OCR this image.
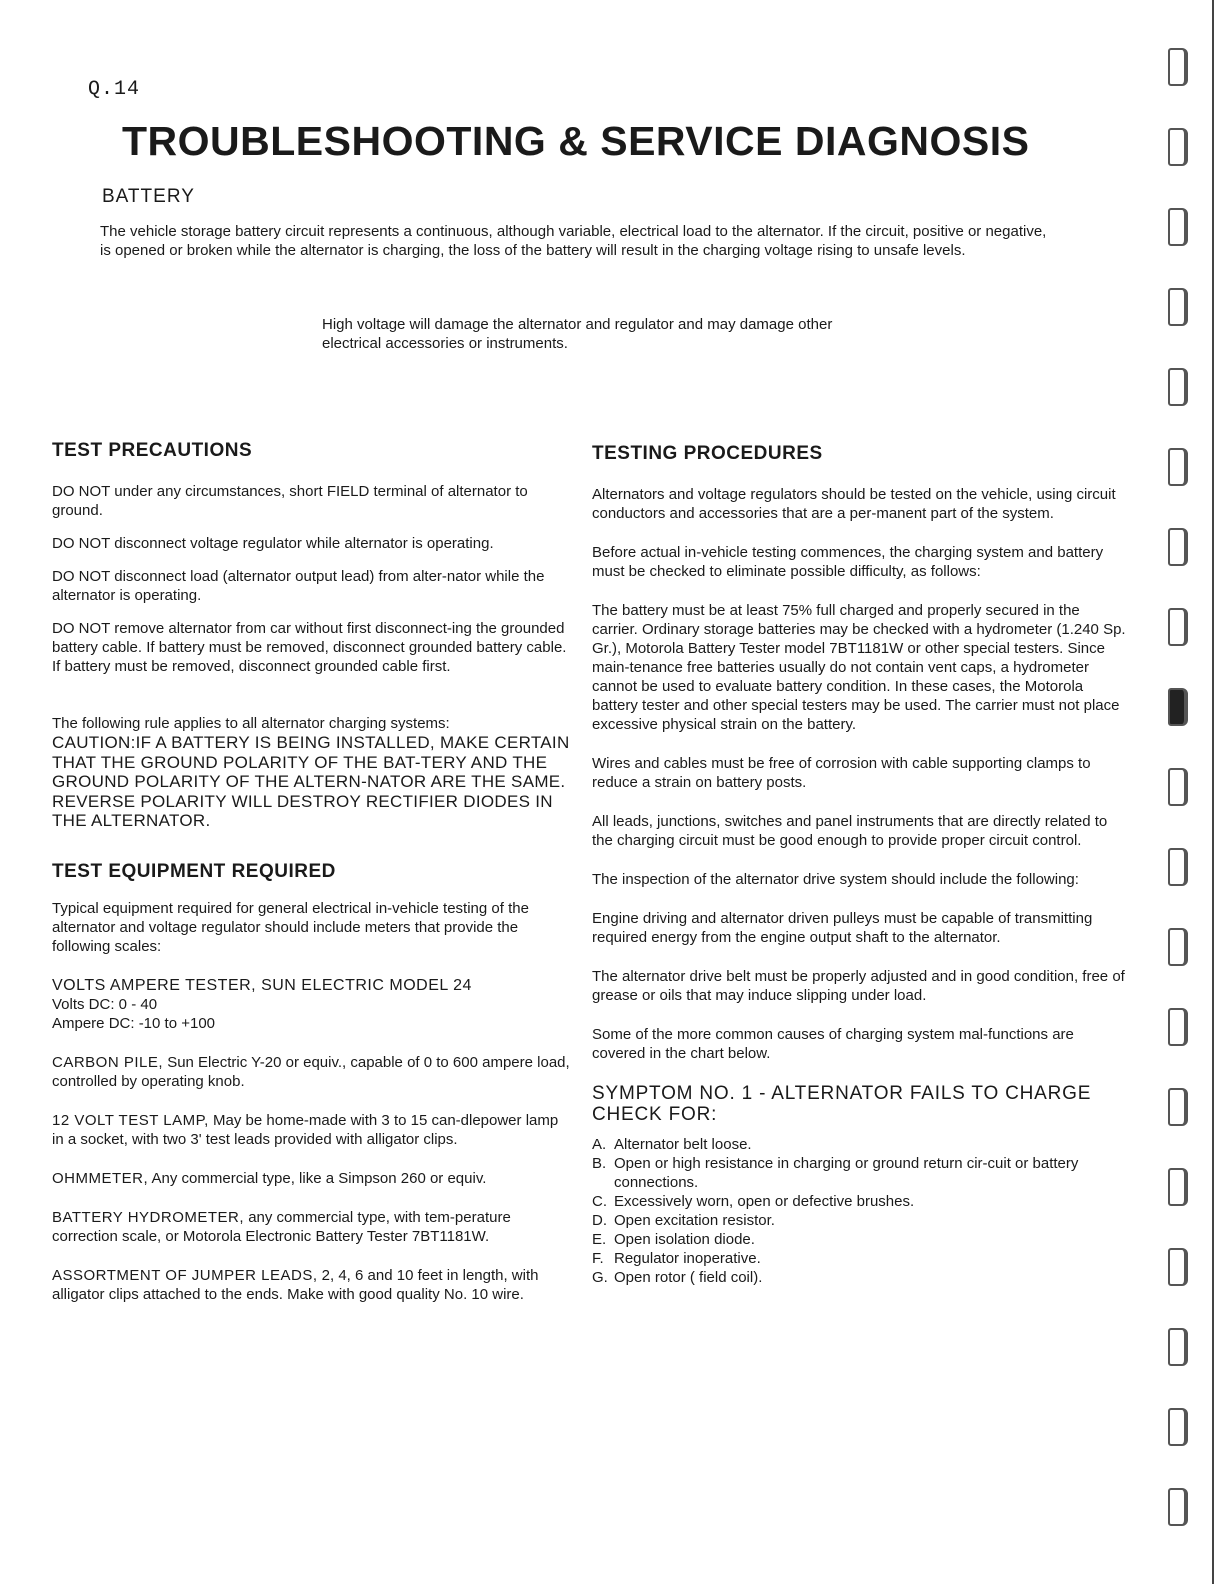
Q.14
TROUBLESHOOTING & SERVICE DIAGNOSIS
BATTERY

The vehicle storage battery circuit represents a continuous, although variable, electrical load to the alternator. If the circuit, positive or negative, is opened or broken while the alternator is charging, the loss of the battery will result in the charging voltage rising to unsafe levels.

High voltage will damage the alternator and regulator and may damage other electrical accessories or instruments.

TEST PRECAUTIONS

DO NOT under any circumstances, short FIELD terminal of alternator to ground.

DO NOT disconnect voltage regulator while alternator is operating.

DO NOT disconnect load (alternator output lead) from alter-nator while the alternator is operating.

DO NOT remove alternator from car without first disconnect-ing the grounded battery cable. If battery must be removed, disconnect grounded battery cable. If battery must be removed, disconnect grounded cable first.

The following rule applies to all alternator charging systems:

CAUTION:IF A BATTERY IS BEING INSTALLED, MAKE CERTAIN THAT THE GROUND POLARITY OF THE BAT-TERY AND THE GROUND POLARITY OF THE ALTERN-NATOR ARE THE SAME. REVERSE POLARITY WILL DESTROY RECTIFIER DIODES IN THE ALTERNATOR.

TEST EQUIPMENT REQUIRED

Typical equipment required for general electrical in-vehicle testing of the alternator and voltage regulator should include meters that provide the following scales:

VOLTS AMPERE TESTER, SUN ELECTRIC MODEL 24

Volts DC: 0 - 40

Ampere DC: -10 to +100

CARBON PILE, Sun Electric Y-20 or equiv., capable of 0 to 600 ampere load, controlled by operating knob.

12 VOLT TEST LAMP, May be home-made with 3 to 15 can-dlepower lamp in a socket, with two 3' test leads provided with alligator clips.

OHMMETER, Any commercial type, like a Simpson 260 or equiv.

BATTERY HYDROMETER, any commercial type, with tem-perature correction scale, or Motorola Electronic Battery Tester 7BT1181W.

ASSORTMENT OF JUMPER LEADS, 2, 4, 6 and 10 feet in length, with alligator clips attached to the ends. Make with good quality No. 10 wire.

TESTING PROCEDURES

Alternators and voltage regulators should be tested on the vehicle, using circuit conductors and accessories that are a per-manent part of the system.

Before actual in-vehicle testing commences, the charging system and battery must be checked to eliminate possible difficulty, as follows:

The battery must be at least 75% full charged and properly secured in the carrier. Ordinary storage batteries may be checked with a hydrometer (1.240 Sp. Gr.), Motorola Battery Tester model 7BT1181W or other special testers. Since main-tenance free batteries usually do not contain vent caps, a hydrometer cannot be used to evaluate battery condition. In these cases, the Motorola battery tester and other special testers may be used. The carrier must not place excessive physical strain on the battery.

Wires and cables must be free of corrosion with cable supporting clamps to reduce a strain on battery posts.

All leads, junctions, switches and panel instruments that are directly related to the charging circuit must be good enough to provide proper circuit control.

The inspection of the alternator drive system should include the following:

Engine driving and alternator driven pulleys must be capable of transmitting required energy from the engine output shaft to the alternator.

The alternator drive belt must be properly adjusted and in good condition, free of grease or oils that may induce slipping under load.

Some of the more common causes of charging system mal-functions are covered in the chart below.

SYMPTOM NO. 1 - ALTERNATOR FAILS TO CHARGE CHECK FOR:
A. Alternator belt loose.
B. Open or high resistance in charging or ground return cir-cuit or battery connections.
C. Excessively worn, open or defective brushes.
D. Open excitation resistor.
E. Open isolation diode.
F. Regulator inoperative.
G. Open rotor ( field coil).
